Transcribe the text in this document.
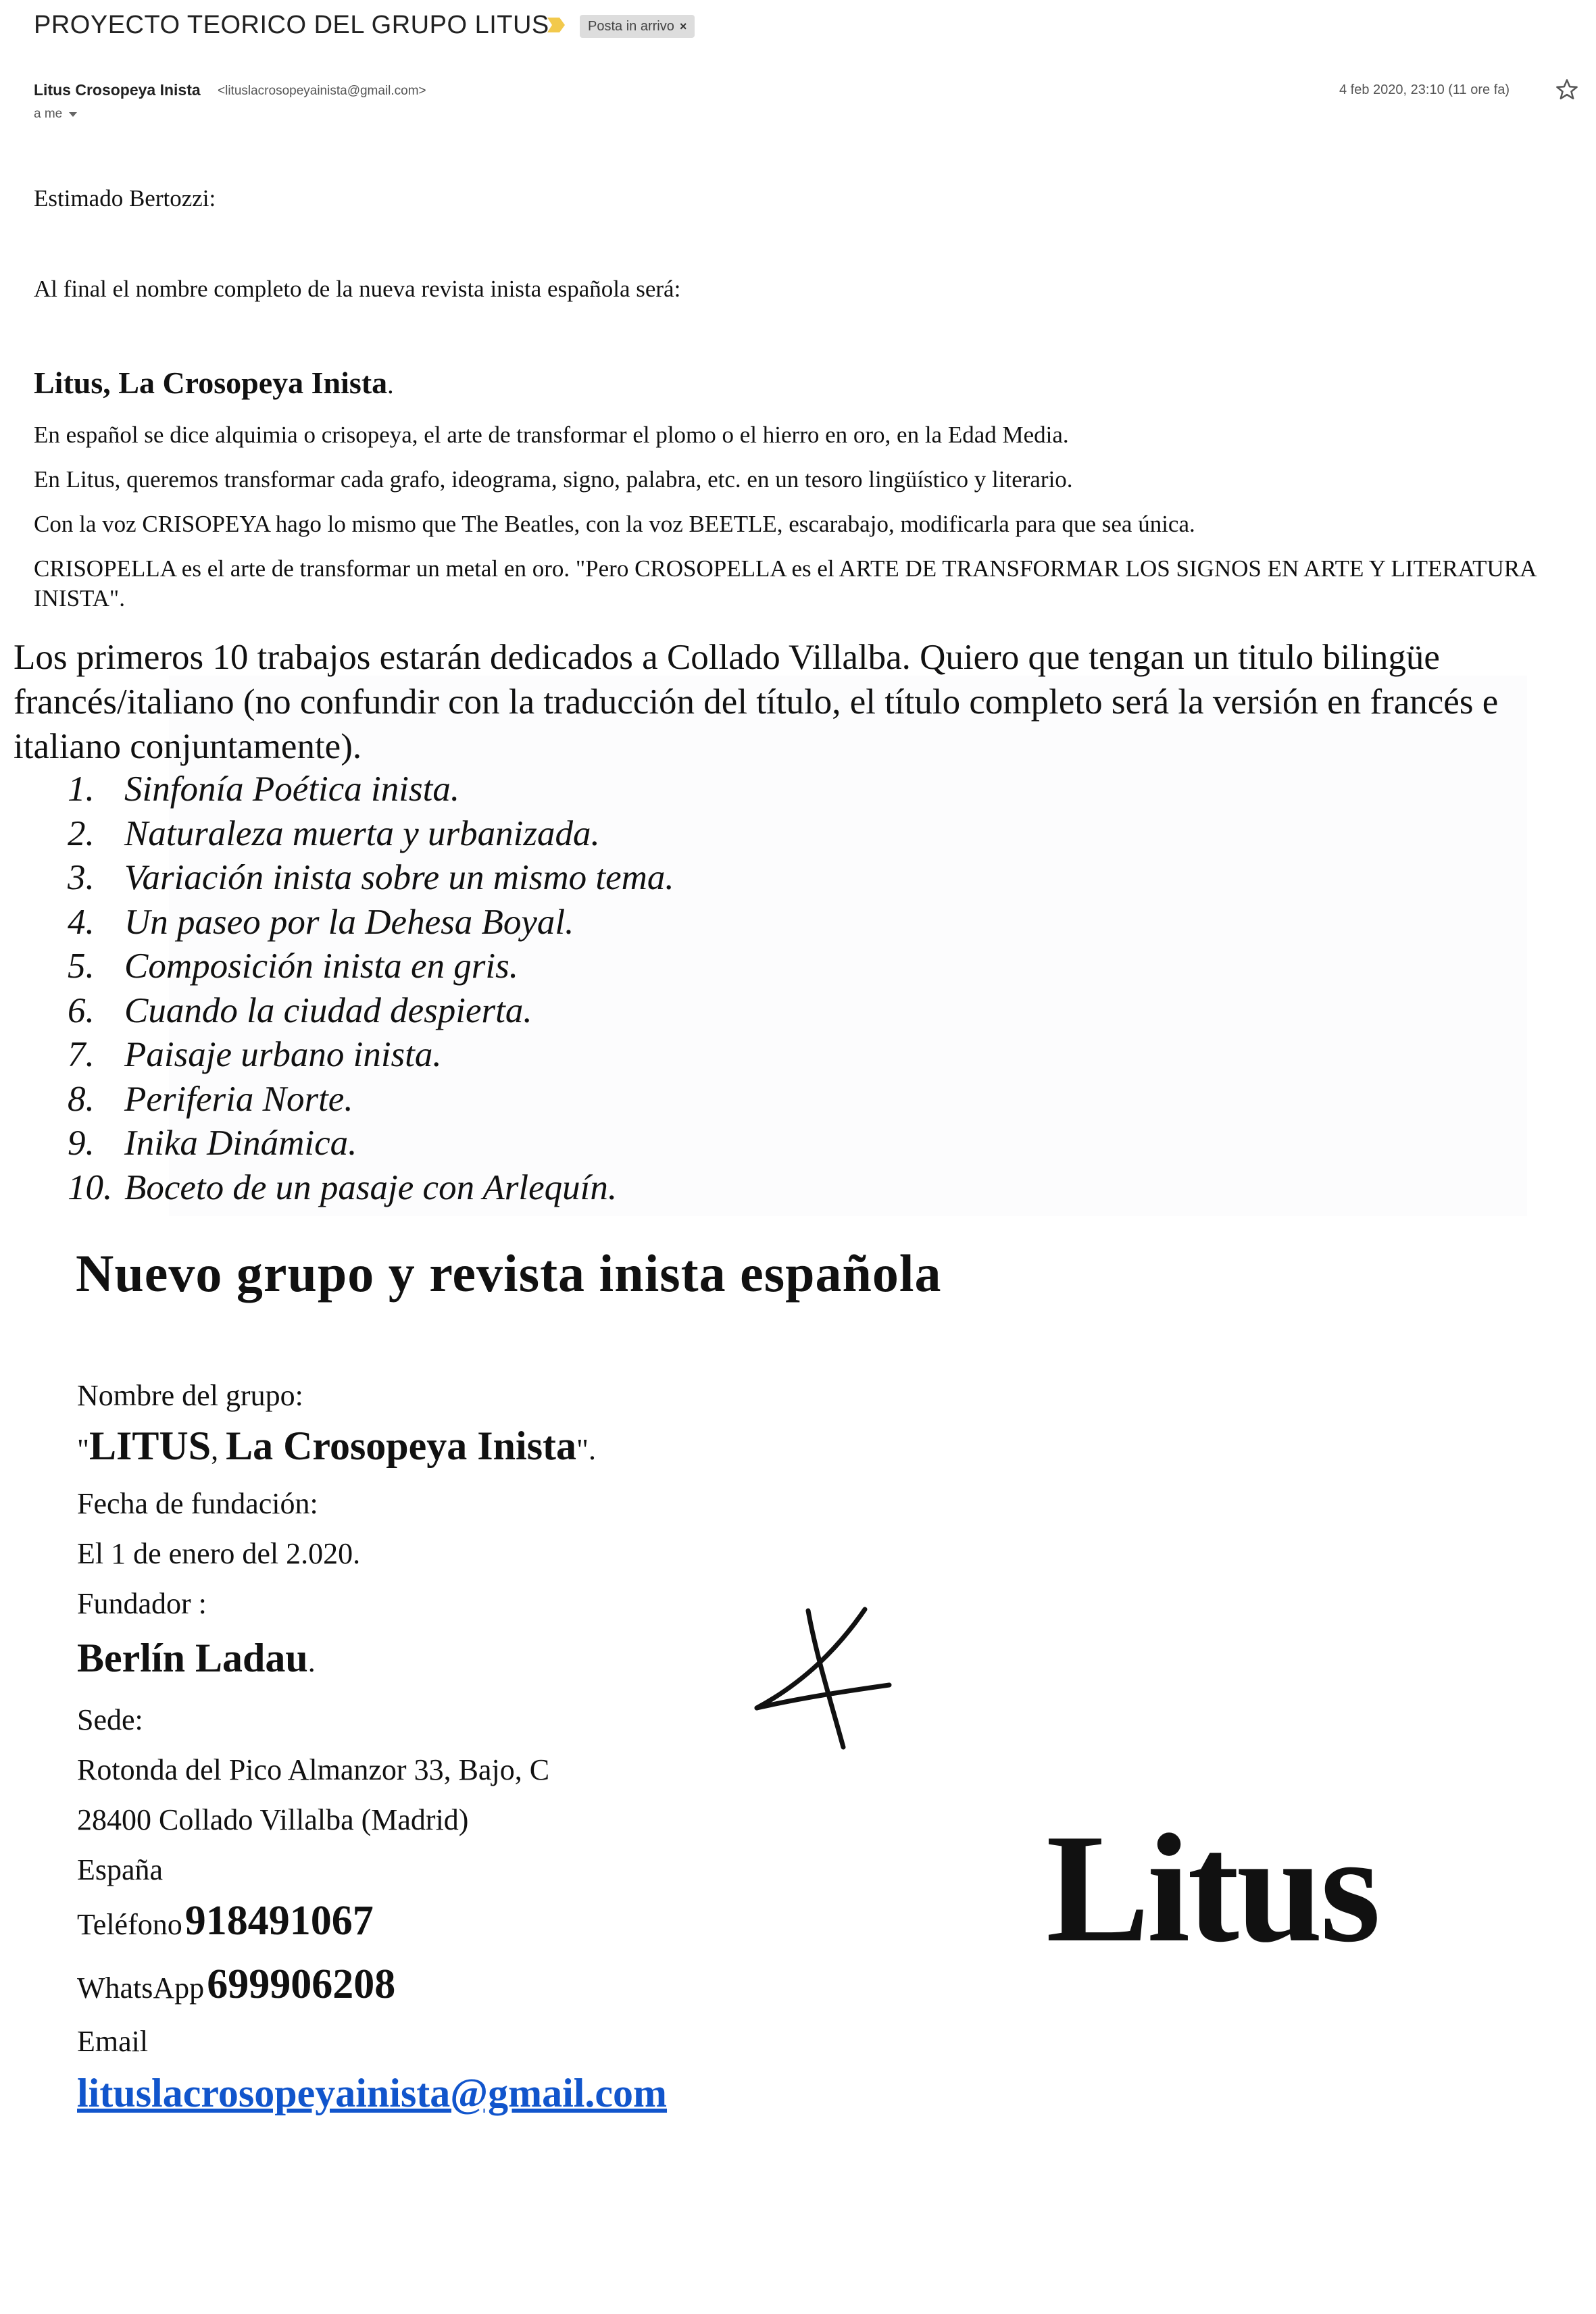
PROYECTO TEORICO DEL GRUPO LITUS	Posta in arrivo ×
Litus Crosopeya Inista <lituslacrosopeyainista@gmail.com>
a me
4 feb 2020, 23:10 (11 ore fa)
Estimado Bertozzi:
Al final el nombre completo de la nueva revista inista española será:
Litus, La Crosopeya Inista.
En español se dice alquimia o crisopeya, el arte de transformar el plomo o el hierro en oro, en la Edad Media.
En Litus, queremos transformar cada grafo, ideograma, signo, palabra, etc. en un tesoro lingüístico y literario.
Con la voz CRISOPEYA hago lo mismo que The Beatles, con la voz BEETLE, escarabajo, modificarla para que sea única.
CRISOPELLA es el arte de transformar un metal en oro. "Pero CROSOPELLA es el ARTE DE TRANSFORMAR LOS SIGNOS EN ARTE Y LITERATURA INISTA".
Los primeros 10 trabajos estarán dedicados a Collado Villalba. Quiero que tengan un titulo bilingüe francés/italiano (no confundir con la traducción del título, el título completo será la versión en francés e italiano conjuntamente).
1. Sinfonía Poética inista.
2. Naturaleza muerta y urbanizada.
3. Variación inista sobre un mismo tema.
4. Un paseo por la Dehesa Boyal.
5. Composición inista en gris.
6. Cuando la ciudad despierta.
7. Paisaje urbano inista.
8. Periferia Norte.
9. Inika Dinámica.
10. Boceto de un pasaje con Arlequín.
Nuevo grupo y revista inista española
Nombre del grupo:
"LITUS, La Crosopeya Inista".
Fecha de fundación:
El 1 de enero del 2.020.
Fundador :
Berlín Ladau.
Sede:
Rotonda del Pico Almanzor 33, Bajo, C
28400 Collado Villalba (Madrid)
España
Teléfono 918491067
WhatsApp 699906208
Email
lituslacrosopeyainista@gmail.com
Litus
